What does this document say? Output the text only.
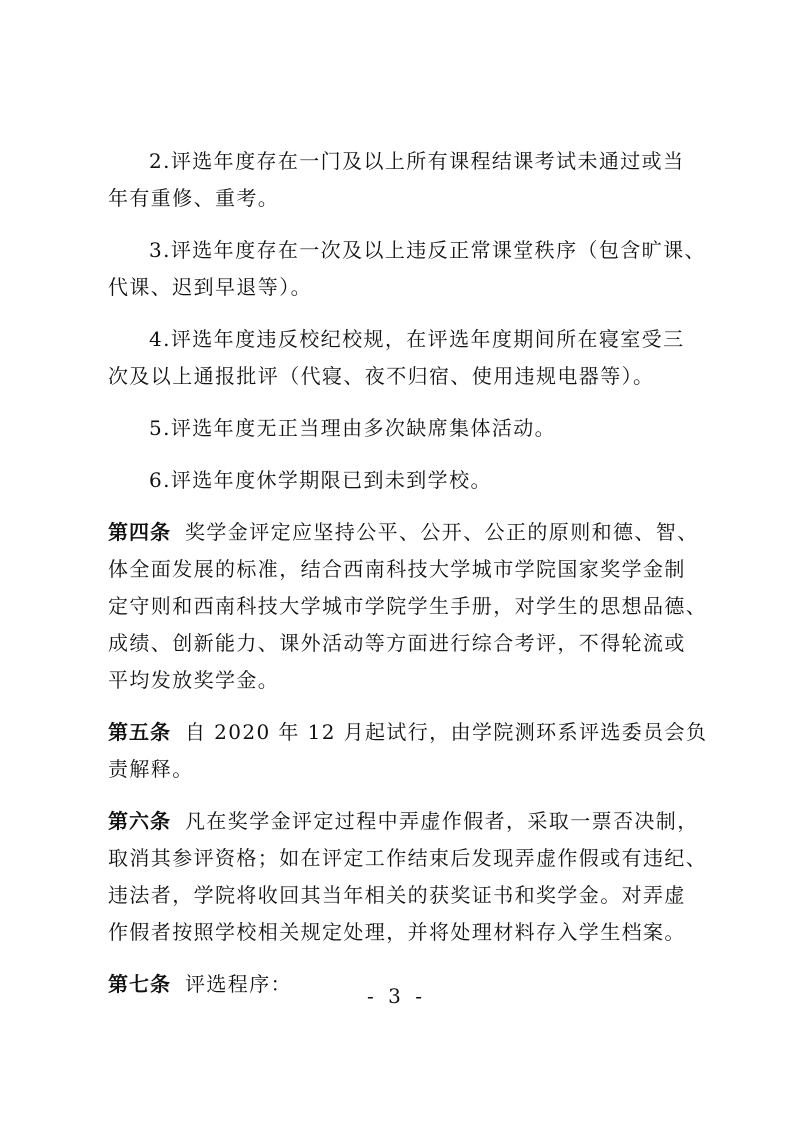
2.评选年度存在一门及以上所有课程结课考试未通过或当
年有重修、重考。
3.评选年度存在一次及以上违反正常课堂秩序（包含旷课、
代课、迟到早退等）。
4.评选年度违反校纪校规，在评选年度期间所在寝室受三
次及以上通报批评（代寝、夜不归宿、使用违规电器等）。
5.评选年度无正当理由多次缺席集体活动。
6.评选年度休学期限已到未到学校。
第四条 奖学金评定应坚持公平、公开、公正的原则和德、智、
体全面发展的标准，结合西南科技大学城市学院国家奖学金制
定守则和西南科技大学城市学院学生手册，对学生的思想品德、
成绩、创新能力、课外活动等方面进行综合考评，不得轮流或
平均发放奖学金。
第五条 自 2020 年 12 月起试行，由学院测环系评选委员会负
责解释。
第六条 凡在奖学金评定过程中弄虚作假者，采取一票否决制，
取消其参评资格；如在评定工作结束后发现弄虚作假或有违纪、
违法者，学院将收回其当年相关的获奖证书和奖学金。对弄虚
作假者按照学校相关规定处理，并将处理材料存入学生档案。
第七条 评选程序：	- 3 -
